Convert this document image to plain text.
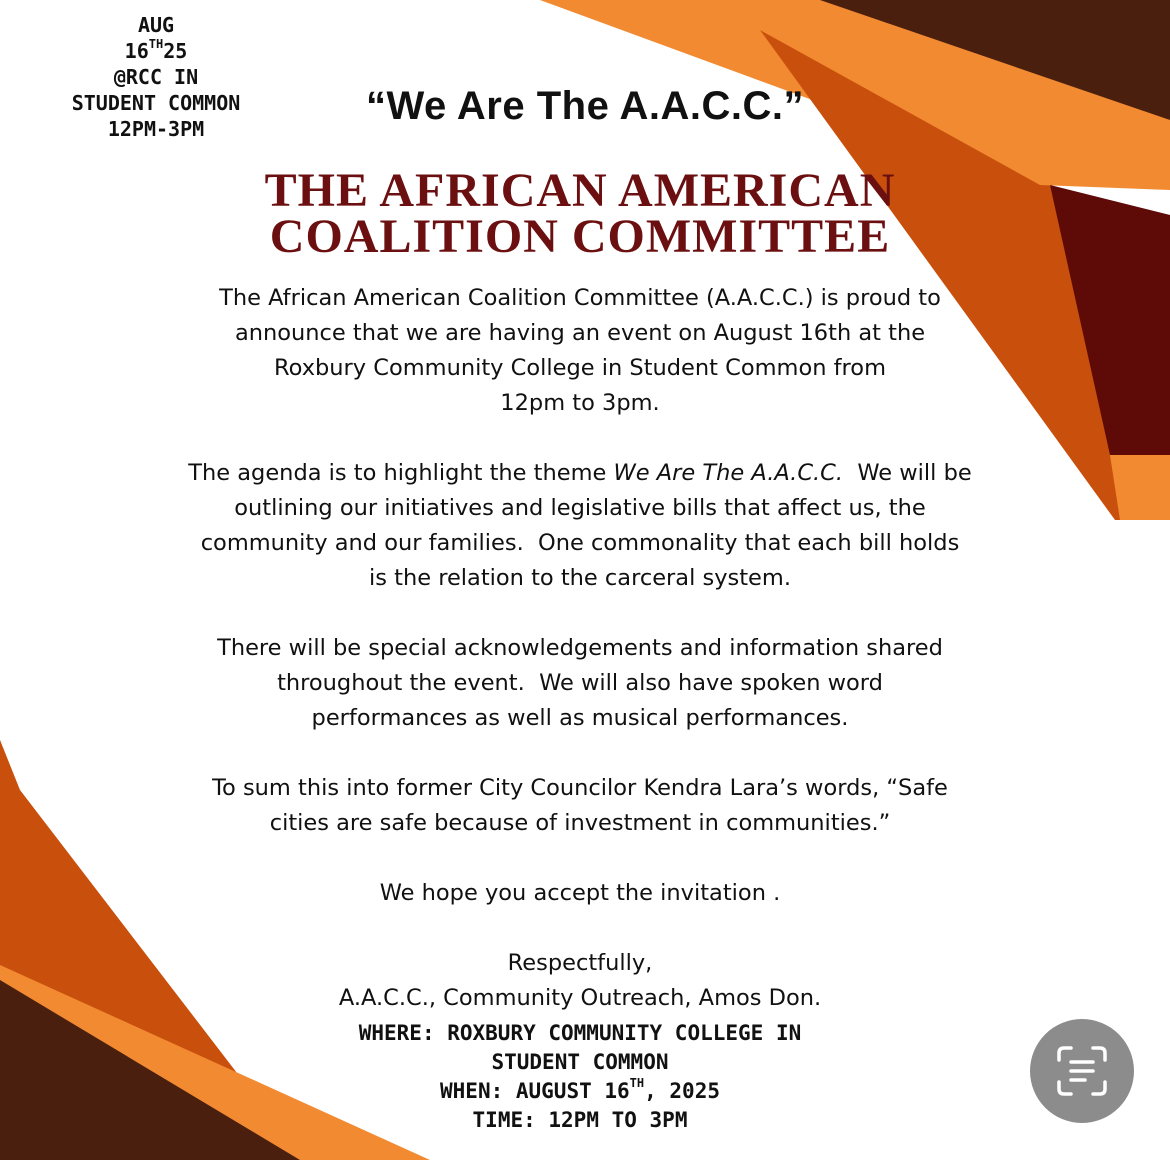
AUG
16TH25
@RCC IN
STUDENT COMMON
12PM-3PM
“We Are The A.A.C.C.”
THE AFRICAN AMERICAN
COALITION COMMITTEE

The African American Coalition Committee (A.A.C.C.) is proud to
announce that we are having an event on August 16th at the
Roxbury Community College in Student Common from
12pm to 3pm.

The agenda is to highlight the theme We Are The A.A.C.C.  We will be
outlining our initiatives and legislative bills that affect us, the
community and our families.  One commonality that each bill holds
is the relation to the carceral system.

There will be special acknowledgements and information shared
throughout the event.  We will also have spoken word
performances as well as musical performances.

To sum this into former City Councilor Kendra Lara’s words, “Safe
cities are safe because of investment in communities.”

We hope you accept the invitation .

Respectfully,
A.A.C.C., Community Outreach, Amos Don.
WHERE: ROXBURY COMMUNITY COLLEGE IN
STUDENT COMMON
WHEN: AUGUST 16TH, 2025
TIME: 12PM TO 3PM
